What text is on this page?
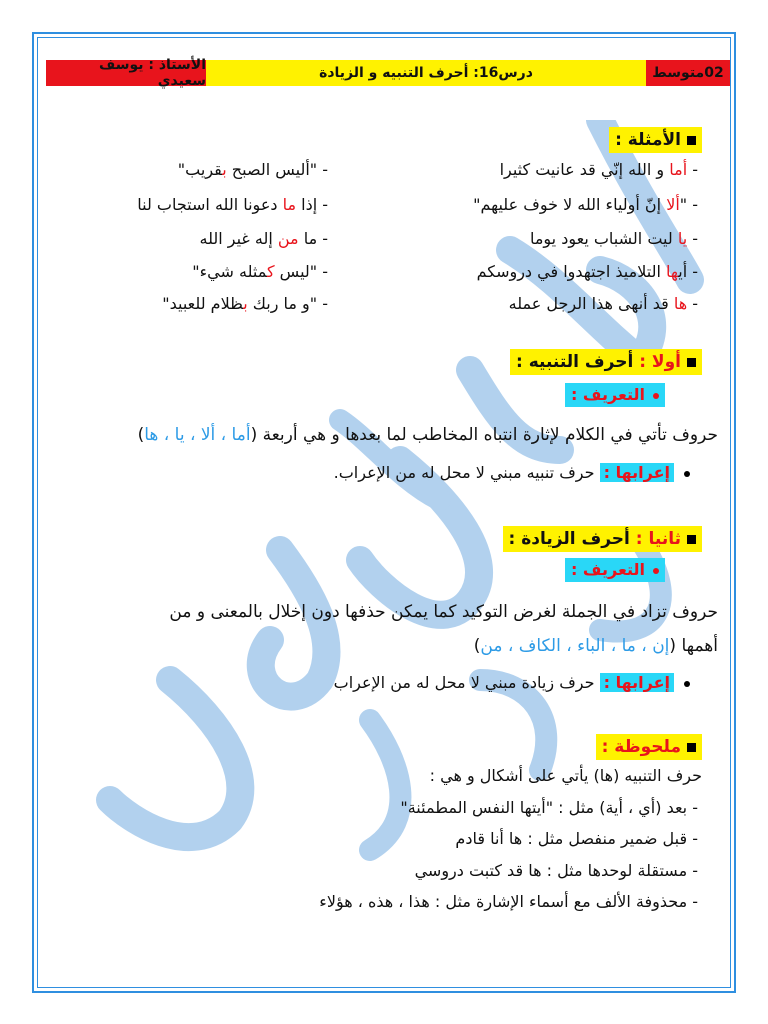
02متوسط
درس16: أحرف التنبيه و الزيادة
الأستاذ : يوسف سعيدي
الأمثلة :
- أما و الله إنّي قد عانيت كثيرا
- "ألا إنّ أولياء الله لا خوف عليهم"
- يا ليت الشباب يعود يوما
- أيها التلاميذ اجتهدوا في دروسكم
- ها قد أنهى هذا الرجل عمله
- "أليس الصبح بقريب"
- إذا ما دعونا الله استجاب لنا
- ما من إله غير الله
- "ليس كمثله شيء"
- "و ما ربك بظلام للعبيد"
أولا : أحرف التنبيه :
التعريف :
حروف تأتي في الكلام لإثارة انتباه المخاطب لما بعدها و هي أربعة (أما ، ألا ، يا ، ها)
إعرابها : حرف تنبيه مبني لا محل له من الإعراب.
ثانيا : أحرف الزيادة :
التعريف :
حروف تزاد في الجملة لغرض التوكيد كما يمكن حذفها دون إخلال بالمعنى و من
أهمها (إن ، ما ، الباء ، الكاف ، من)
إعرابها : حرف زيادة مبني لا محل له من الإعراب
ملحوظة :
حرف التنبيه (ها) يأتي على أشكال و هي :
- بعد (أي ، أية) مثل : "أيتها النفس المطمئنة"
- قبل ضمير منفصل مثل : ها أنا قادم
- مستقلة لوحدها مثل : ها قد كتبت دروسي
- محذوفة الألف مع أسماء الإشارة مثل : هذا ، هذه ، هؤلاء
